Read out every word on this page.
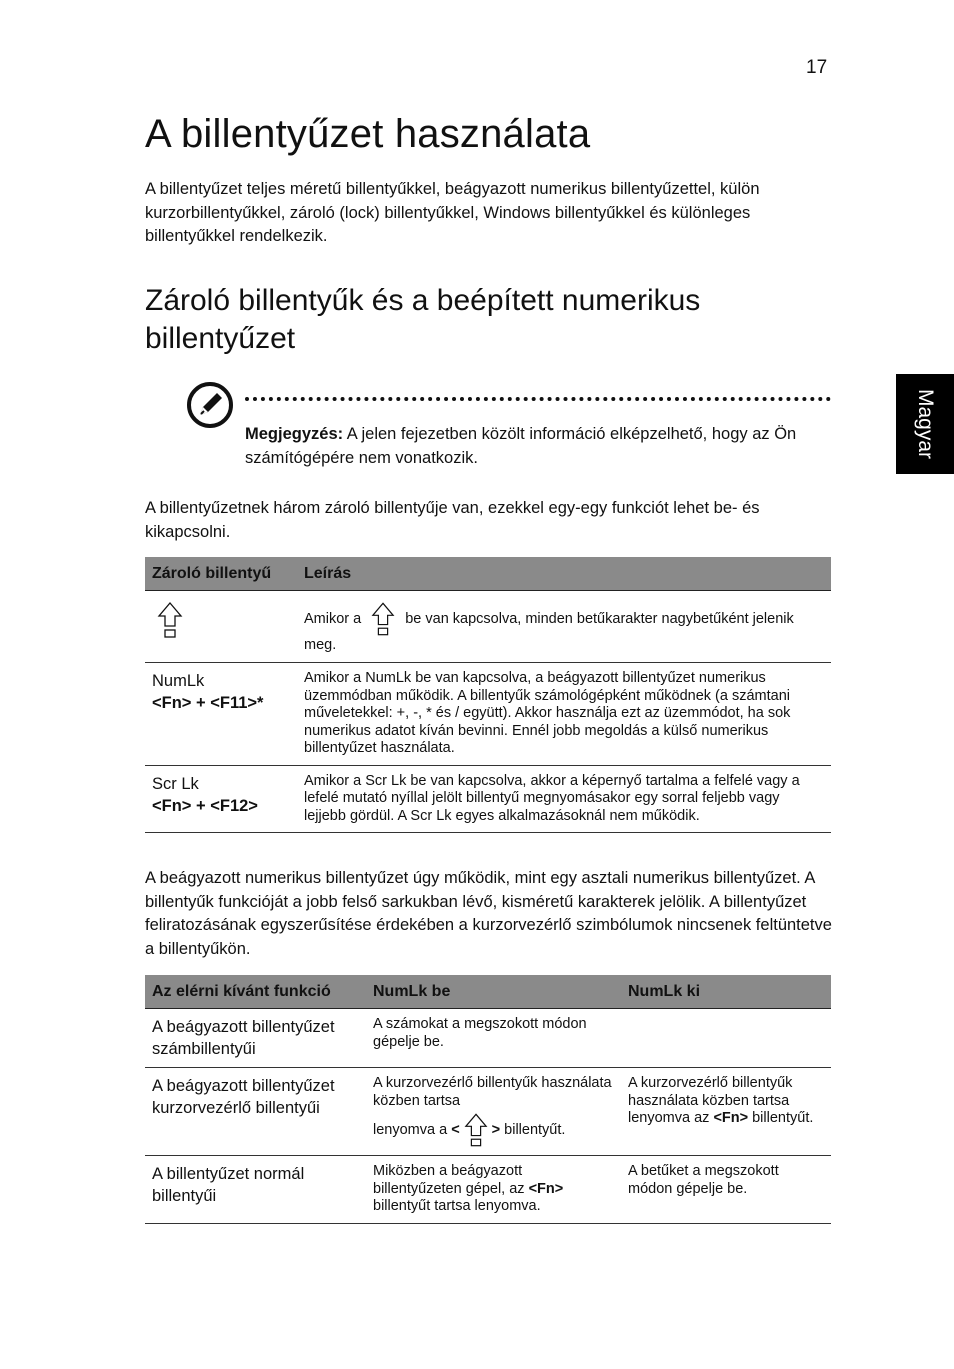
17
Magyar
A billentyűzet használata

A billentyűzet teljes méretű billentyűkkel, beágyazott numerikus billentyűzettel, külön kurzorbillentyűkkel, zároló (lock) billentyűkkel, Windows billentyűkkel és különleges billentyűkkel rendelkezik.

Zároló billentyűk és a beépített numerikus billentyűzet
Megjegyzés: A jelen fejezetben közölt információ elképzelhető, hogy az Ön számítógépére nem vonatkozik.

A billentyűzetnek három zároló billentyűje van, ezekkel egy-egy funkciót lehet be- és kikapcsolni.

Zároló billentyű	Leírás

	Amikor a be van kapcsolva, minden betűkarakter nagybetűként jelenik meg.

NumLk
<Fn> + <F11>*	Amikor a NumLk be van kapcsolva, a beágyazott billentyűzet numerikus üzemmódban működik. A billentyűk számológépként működnek (a számtani műveletekkel: +, -, * és / együtt). Akkor használja ezt az üzemmódot, ha sok numerikus adatot kíván bevinni. Ennél jobb megoldás a külső numerikus billentyűzet használata.

Scr Lk
<Fn> + <F12>	Amikor a Scr Lk be van kapcsolva, akkor a képernyő tartalma a felfelé vagy a lefelé mutató nyíllal jelölt billentyű megnyomásakor egy sorral feljebb vagy lejjebb gördül. A Scr Lk egyes alkalmazásoknál nem működik.

A beágyazott numerikus billentyűzet úgy működik, mint egy asztali numerikus billentyűzet. A billentyűk funkcióját a jobb felső sarkukban lévő, kisméretű karakterek jelölik. A billentyűzet feliratozásának egyszerűsítése érdekében a kurzorvezérlő szimbólumok nincsenek feltüntetve a billentyűkön.

Az elérni kívánt funkció	NumLk be	NumLk ki
A beágyazott billentyűzet számbillentyűi	A számokat a megszokott módon gépelje be.	
A beágyazott billentyűzet kurzorvezérlő billentyűi	A kurzorvezérlő billentyűk használata közben tartsa
lenyomva a < > billentyűt.	A kurzorvezérlő billentyűk használata közben tartsa lenyomva az <Fn> billentyűt.
A billentyűzet normál billentyűi	Miközben a beágyazott billentyűzeten gépel, az <Fn> billentyűt tartsa lenyomva.	A betűket a megszokott módon gépelje be.
